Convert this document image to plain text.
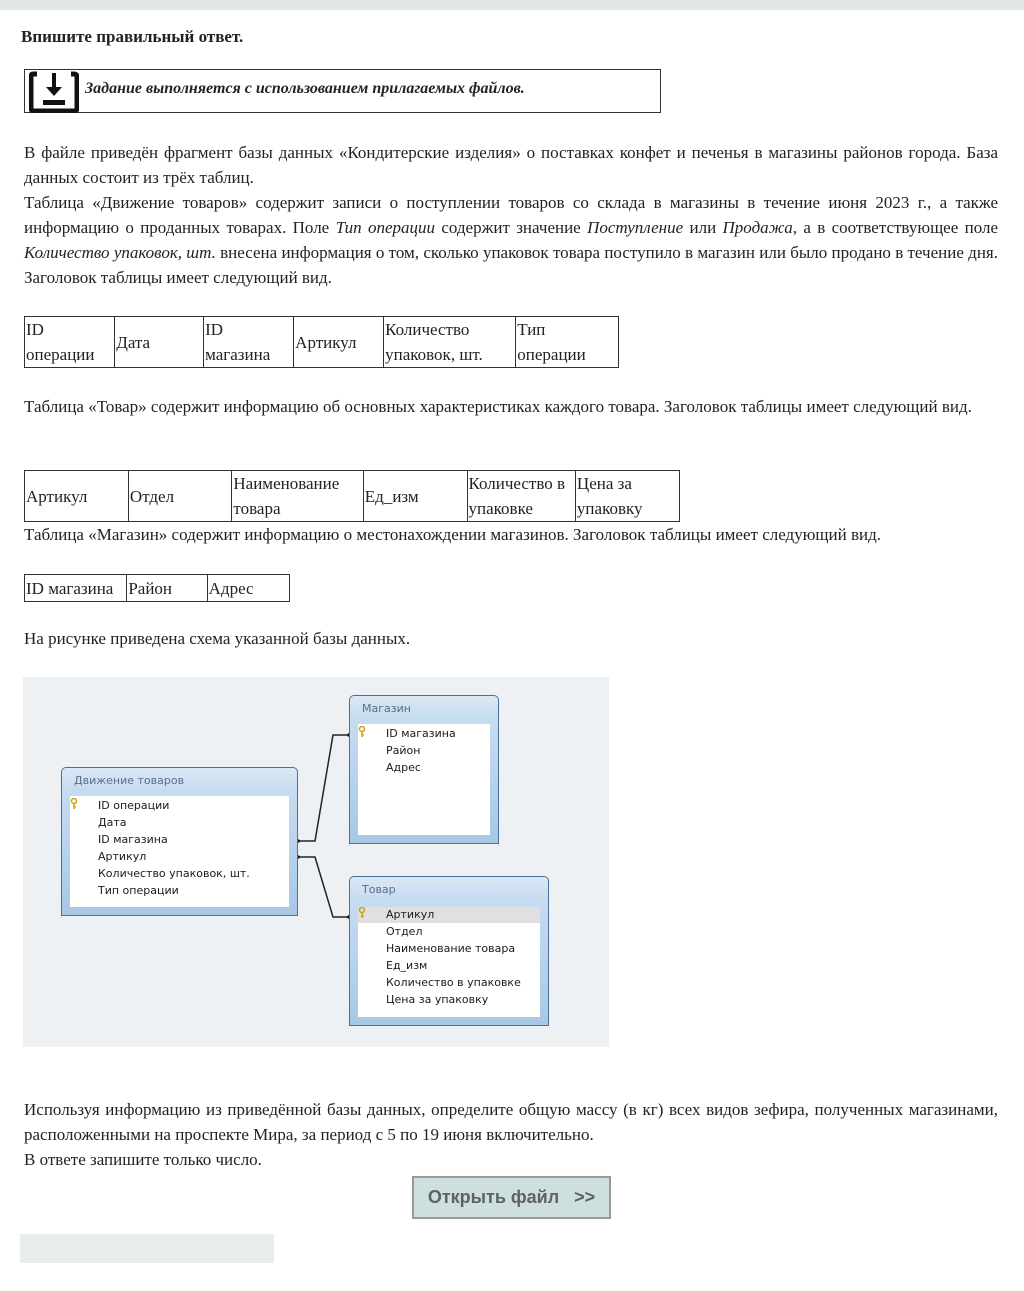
Впишите правильный ответ.
Задание выполняется с использованием прилагаемых файлов.

В файле приведён фрагмент базы данных «Кондитерские изделия» о поставках конфет и печенья в магазины районов города. База данных состоит из трёх таблиц.

Таблица «Движение товаров» содержит записи о поступлении товаров со склада в магазины в течение июня 2023 г., а также информацию о проданных товарах. Поле Тип операции содержит значение Поступление или Продажа, а в соответствующее поле Количество упаковок, шт. внесена информация о том, сколько упаковок товара поступило в магазин или было продано в течение дня. Заголовок таблицы имеет следующий вид.

ID операции	Дата	ID магазина	Артикул	Количество упаковок, шт.	Тип операции
Таблица «Товар» содержит информацию об основных характеристиках каждого товара. Заголовок таблицы имеет следующий вид.
Артикул	Отдел	Наименование товара	Ед_изм	Количество в упаковке	Цена за упаковку
Таблица «Магазин» содержит информацию о местонахождении магазинов. Заголовок таблицы имеет следующий вид.
ID магазина	Район	Адрес
На рисунке приведена схема указанной базы данных.
Движение товаров
ID операции
Дата
ID магазина
Артикул
Количество упаковок, шт.
Тип операции
Магазин
ID магазина
Район
Адрес
Товар
Артикул
Отдел
Наименование товара
Ед_изм
Количество в упаковке
Цена за упаковку

Используя информацию из приведённой базы данных, определите общую массу (в кг) всех видов зефира, полученных магазинами, расположенными на проспекте Мира, за период с 5 по 19 июня включительно.

В ответе запишите только число.

Открыть файл   >>
